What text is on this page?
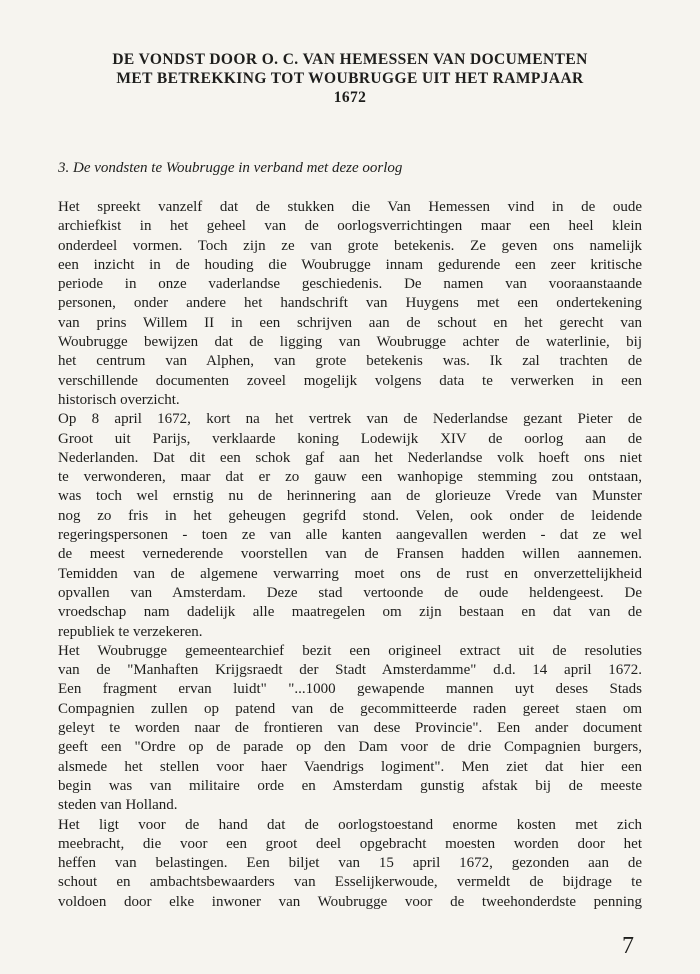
DE VONDST DOOR O. C. VAN HEMESSEN VAN DOCUMENTEN
MET BETREKKING TOT WOUBRUGGE UIT HET RAMPJAAR
1672
3. De vondsten te Woubrugge in verband met deze oorlog
Het spreekt vanzelf dat de stukken die Van Hemessen vind in de oude
archiefkist in het geheel van de oorlogsverrichtingen maar een heel klein
onderdeel vormen. Toch zijn ze van grote betekenis. Ze geven ons namelijk
een inzicht in de houding die Woubrugge innam gedurende een zeer kritische
periode in onze vaderlandse geschiedenis. De namen van vooraanstaande
personen, onder andere het handschrift van Huygens met een ondertekening
van prins Willem II in een schrijven aan de schout en het gerecht van
Woubrugge bewijzen dat de ligging van Woubrugge achter de waterlinie, bij
het centrum van Alphen, van grote betekenis was. Ik zal trachten de
verschillende documenten zoveel mogelijk volgens data te verwerken in een
historisch overzicht.
Op 8 april 1672, kort na het vertrek van de Nederlandse gezant Pieter de
Groot uit Parijs, verklaarde koning Lodewijk XIV de oorlog aan de
Nederlanden. Dat dit een schok gaf aan het Nederlandse volk hoeft ons niet
te verwonderen, maar dat er zo gauw een wanhopige stemming zou ontstaan,
was toch wel ernstig nu de herinnering aan de glorieuze Vrede van Munster
nog zo fris in het geheugen gegrifd stond. Velen, ook onder de leidende
regeringspersonen - toen ze van alle kanten aangevallen werden - dat ze wel
de meest vernederende voorstellen van de Fransen hadden willen aannemen.
Temidden van de algemene verwarring moet ons de rust en onverzettelijkheid
opvallen van Amsterdam. Deze stad vertoonde de oude heldengeest. De
vroedschap nam dadelijk alle maatregelen om zijn bestaan en dat van de
republiek te verzekeren.
Het Woubrugge gemeentearchief bezit een origineel extract uit de resoluties
van de "Manhaften Krijgsraedt der Stadt Amsterdamme" d.d. 14 april 1672.
Een fragment ervan luidt" "...1000 gewapende mannen uyt deses Stads
Compagnien zullen op patend van de gecommitteerde raden gereet staen om
geleyt te worden naar de frontieren van dese Provincie". Een ander document
geeft een "Ordre op de parade op den Dam voor de drie Compagnien burgers,
alsmede het stellen voor haer Vaendrigs logiment". Men ziet dat hier een
begin was van militaire orde en Amsterdam gunstig afstak bij de meeste
steden van Holland.
Het ligt voor de hand dat de oorlogstoestand enorme kosten met zich
meebracht, die voor een groot deel opgebracht moesten worden door het
heffen van belastingen. Een biljet van 15 april 1672, gezonden aan de
schout en ambachtsbewaarders van Esselijkerwoude, vermeldt de bijdrage te
voldoen door elke inwoner van Woubrugge voor de tweehonderdste penning
7
